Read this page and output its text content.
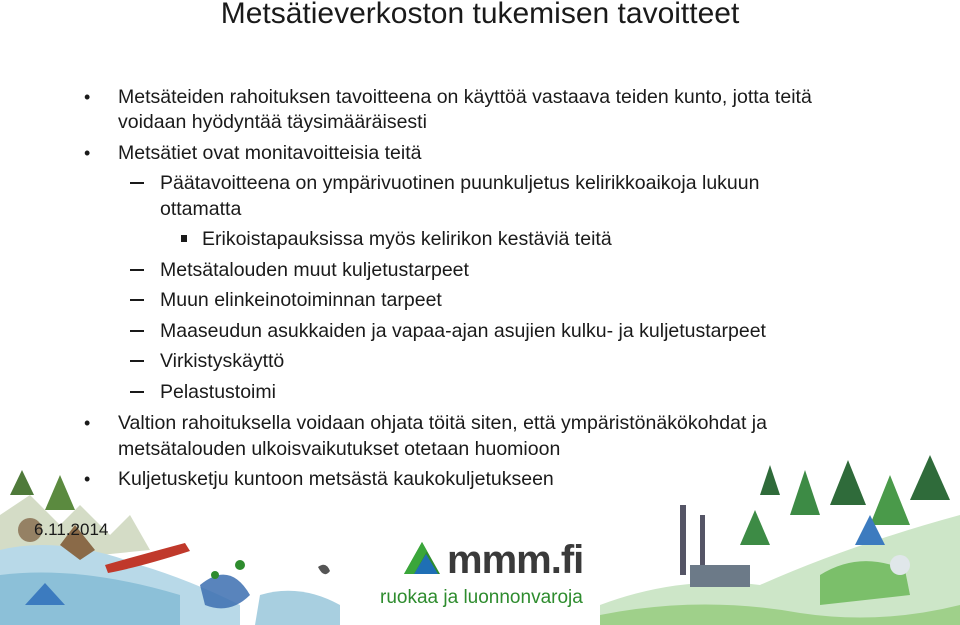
Metsätieverkoston tukemisen tavoitteet
• Metsäteiden rahoituksen tavoitteena on käyttöä vastaava teiden kunto, jotta teitä
voidaan hyödyntää täysimääräisesti
• Metsätiet ovat monitavoitteisia teitä
Päätavoitteena on ympärivuotinen puunkuljetus kelirikkoaikoja lukuun
ottamatta
Erikoistapauksissa myös kelirikon kestäviä teitä
Metsätalouden muut kuljetustarpeet
Muun elinkeinotoiminnan tarpeet
Maaseudun asukkaiden ja vapaa-ajan asujien kulku- ja kuljetustarpeet
Virkistyskäyttö
Pelastustoimi
• Valtion rahoituksella voidaan ohjata töitä siten, että ympäristönäkökohdat ja
metsätalouden ulkoisvaikutukset otetaan huomioon
• Kuljetusketju kuntoon metsästä kaukokuljetukseen
6.11.2014
mmm.fi
ruokaa ja luonnonvaroja
